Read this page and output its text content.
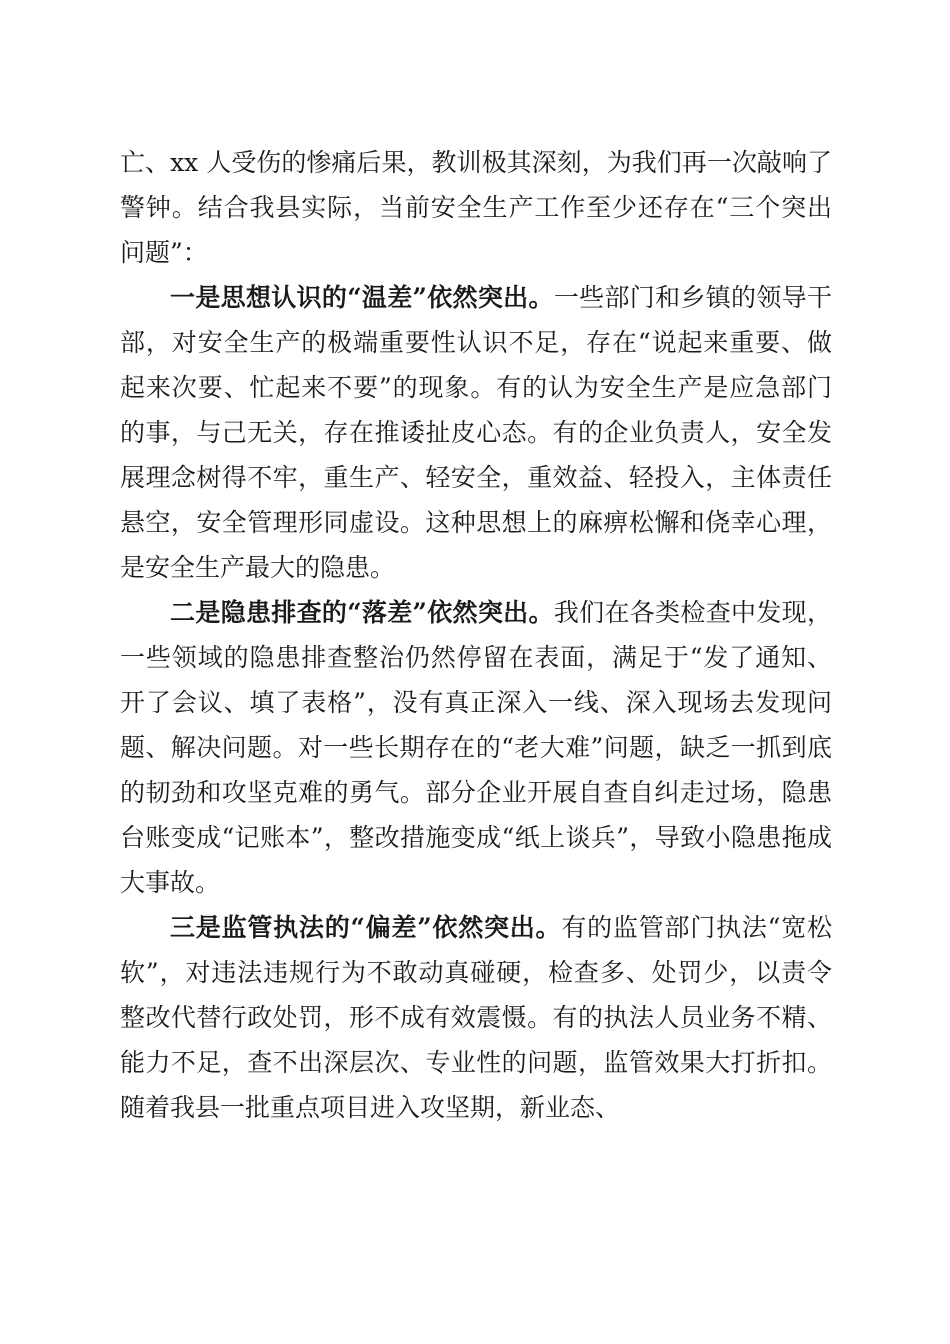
亡、xx 人受伤的惨痛后果，教训极其深刻，为我们再一次敲响了警钟。结合我县实际，当前安全生产工作至少还存在“三个突出问题”：

一是思想认识的“温差”依然突出。一些部门和乡镇的领导干部，对安全生产的极端重要性认识不足，存在“说起来重要、做起来次要、忙起来不要”的现象。有的认为安全生产是应急部门的事，与己无关，存在推诿扯皮心态。有的企业负责人，安全发展理念树得不牢，重生产、轻安全，重效益、轻投入，主体责任悬空，安全管理形同虚设。这种思想上的麻痹松懈和侥幸心理，是安全生产最大的隐患。

二是隐患排查的“落差”依然突出。我们在各类检查中发现，一些领域的隐患排查整治仍然停留在表面，满足于“发了通知、开了会议、填了表格”，没有真正深入一线、深入现场去发现问题、解决问题。对一些长期存在的“老大难”问题，缺乏一抓到底的韧劲和攻坚克难的勇气。部分企业开展自查自纠走过场，隐患台账变成“记账本”，整改措施变成“纸上谈兵”，导致小隐患拖成大事故。

三是监管执法的“偏差”依然突出。有的监管部门执法“宽松软”，对违法违规行为不敢动真碰硬，检查多、处罚少，以责令整改代替行政处罚，形不成有效震慑。有的执法人员业务不精、能力不足，查不出深层次、专业性的问题，监管效果大打折扣。随着我县一批重点项目进入攻坚期，新业态、
